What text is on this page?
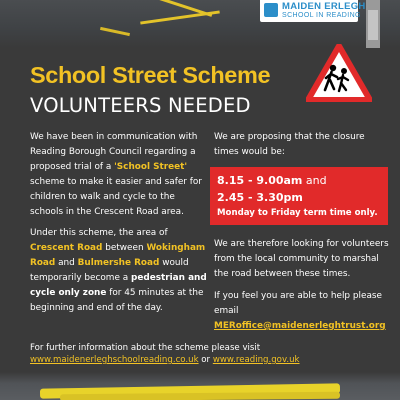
MAIDEN ERLEGH
SCHOOL IN READING
School Street Scheme
VOLUNTEERS NEEDED

We have been in communication with Reading Borough Council regarding a proposed trial of a 'School Street' scheme to make it easier and safer for children to walk and cycle to the schools in the Crescent Road area.

Under this scheme, the area of Crescent Road between Wokingham Road and Bulmershe Road would temporarily become a pedestrian and cycle only zone for 45 minutes at the beginning and end of the day.

We are proposing that the closure times would be:

8.15 - 9.00am and
2.45 - 3.30pm
Monday to Friday term time only.

We are therefore looking for volunteers from the local community to marshal the road between these times.

If you feel you are able to help please email
MERoffice@maidenerleghtrust.org

For further information about the scheme please visit

www.maidenerleghschoolreading.co.uk or www.reading.gov.uk
